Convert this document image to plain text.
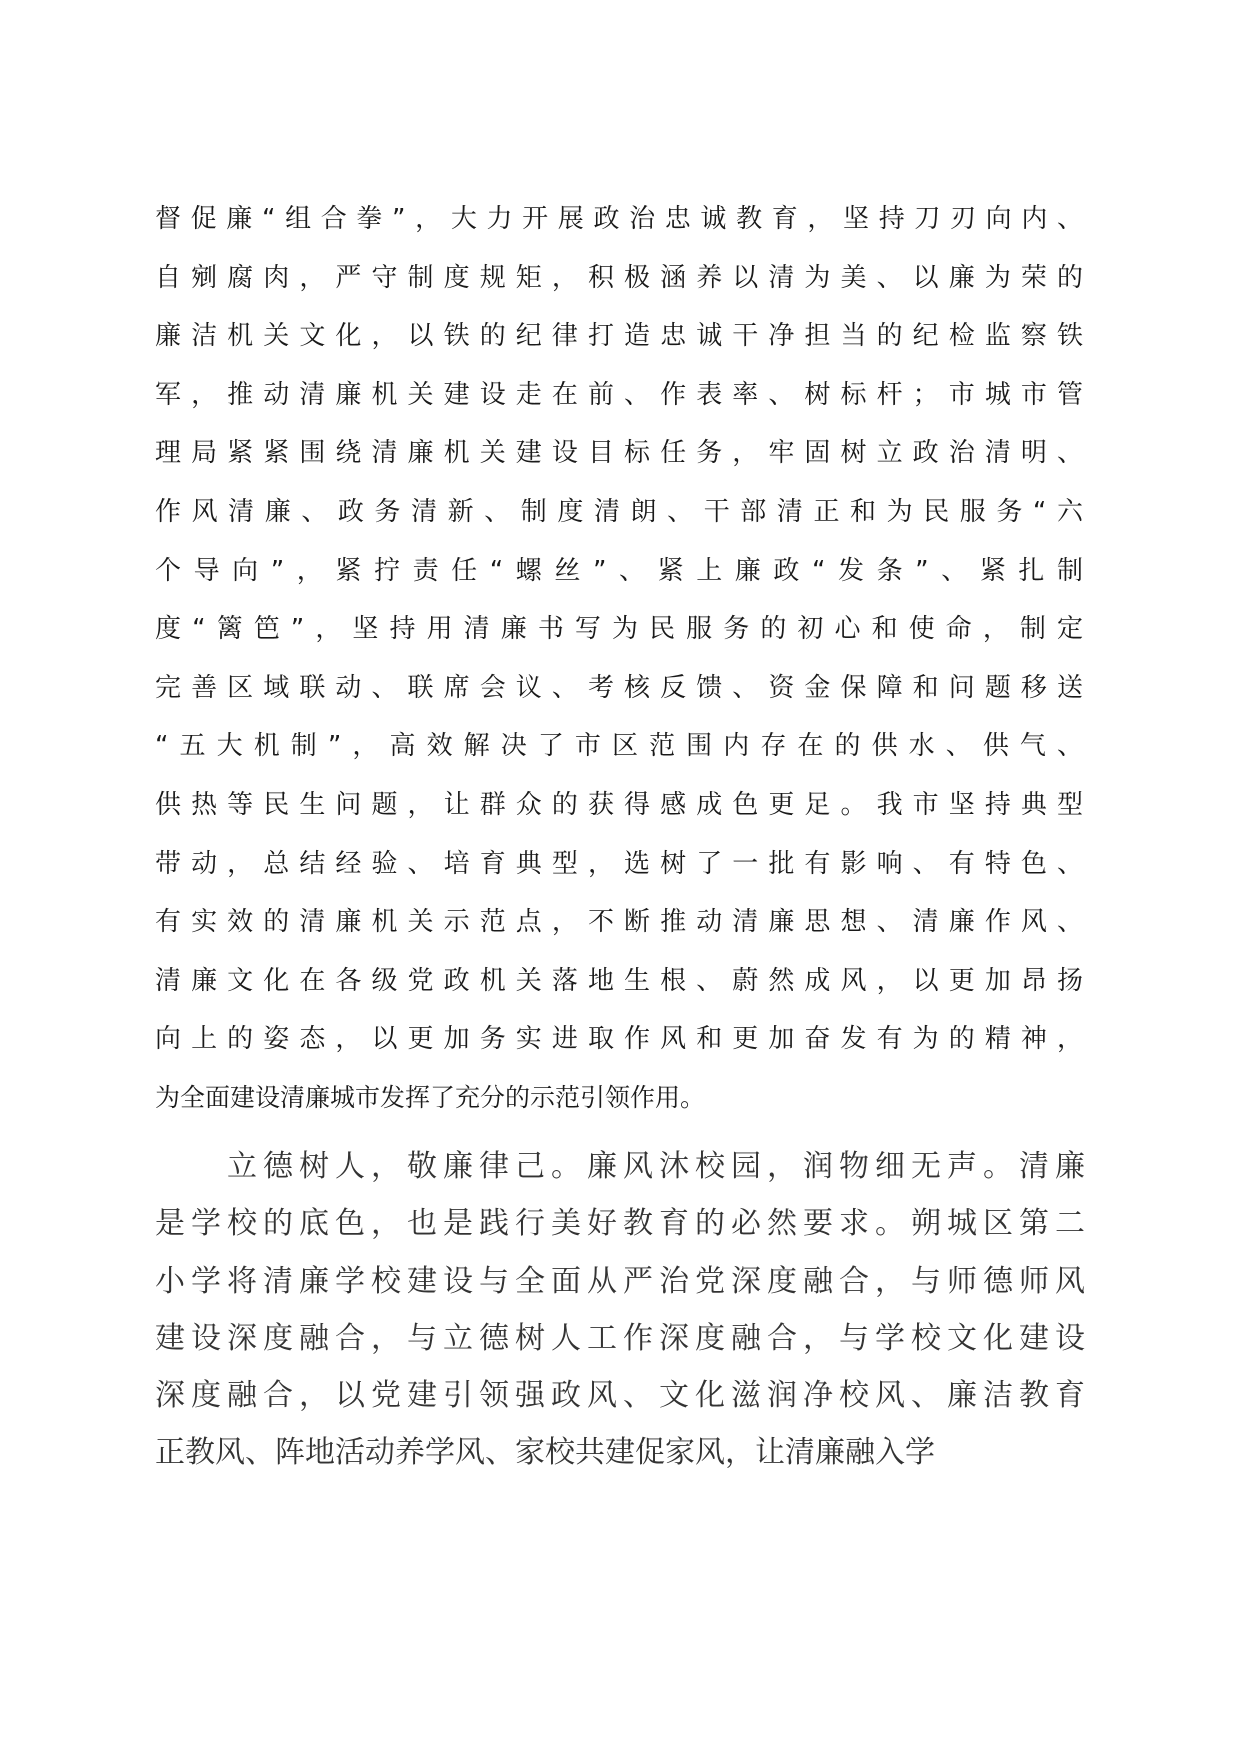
督促廉“组合拳”，大力开展政治忠诚教育，坚持刀刃向内、
自剜腐肉，严守制度规矩，积极涵养以清为美、以廉为荣的
廉洁机关文化，以铁的纪律打造忠诚干净担当的纪检监察铁
军，推动清廉机关建设走在前、作表率、树标杆；市城市管
理局紧紧围绕清廉机关建设目标任务，牢固树立政治清明、
作风清廉、政务清新、制度清朗、干部清正和为民服务“六
个导向”，紧拧责任“螺丝”、紧上廉政“发条”、紧扎制
度“篱笆”，坚持用清廉书写为民服务的初心和使命，制定
完善区域联动、联席会议、考核反馈、资金保障和问题移送
“五大机制”，高效解决了市区范围内存在的供水、供气、
供热等民生问题，让群众的获得感成色更足。我市坚持典型
带动，总结经验、培育典型，选树了一批有影响、有特色、
有实效的清廉机关示范点，不断推动清廉思想、清廉作风、
清廉文化在各级党政机关落地生根、蔚然成风，以更加昂扬
向上的姿态，以更加务实进取作风和更加奋发有为的精神，
为全面建设清廉城市发挥了充分的示范引领作用。
立德树人，敬廉律己。廉风沐校园，润物细无声。清廉
是学校的底色，也是践行美好教育的必然要求。朔城区第二
小学将清廉学校建设与全面从严治党深度融合，与师德师风
建设深度融合，与立德树人工作深度融合，与学校文化建设
深度融合，以党建引领强政风、文化滋润净校风、廉洁教育
正教风、阵地活动养学风、家校共建促家风，让清廉融入学
